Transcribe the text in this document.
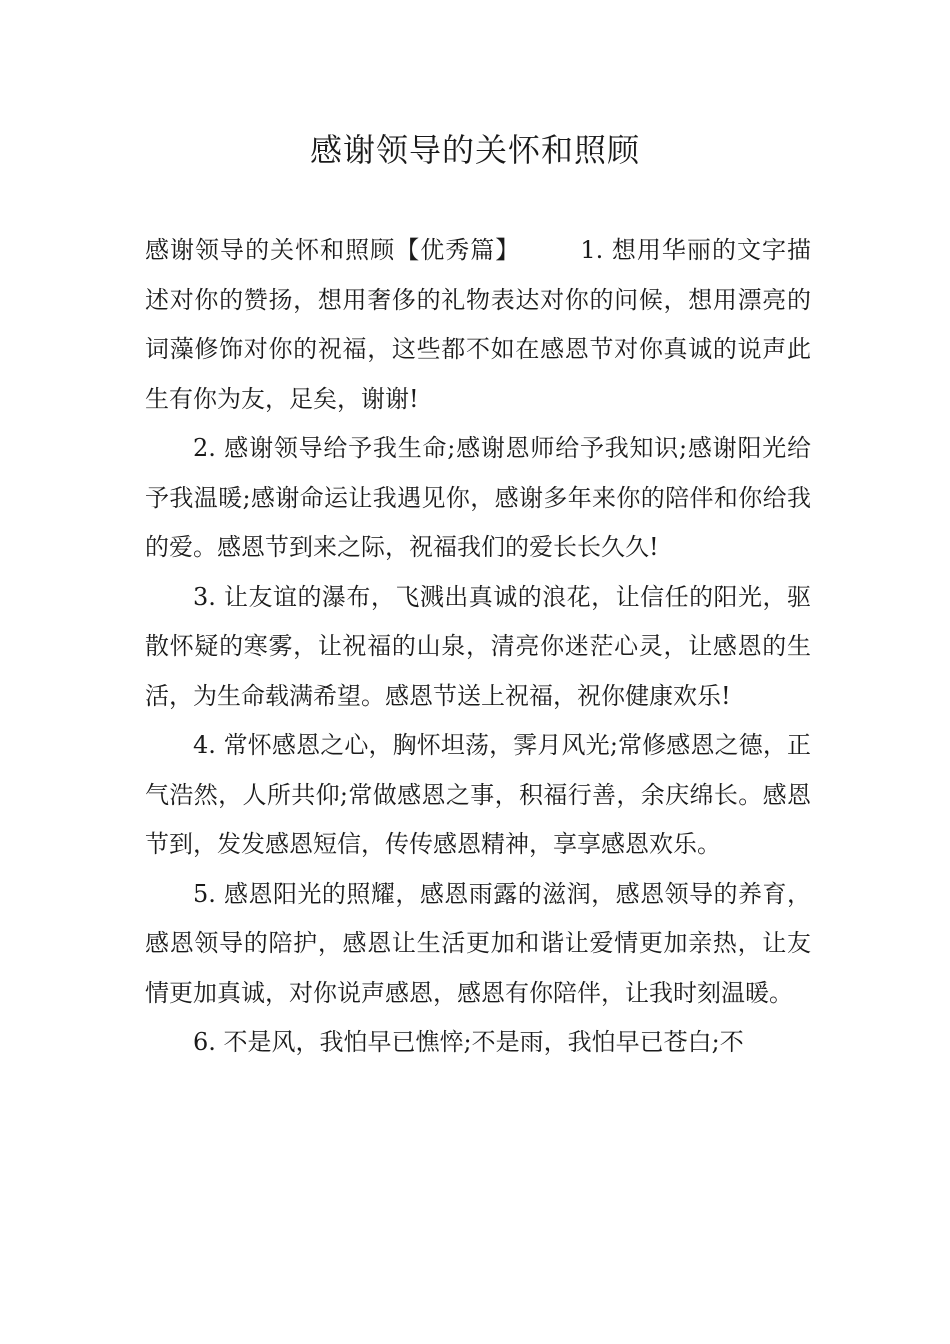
感谢领导的关怀和照顾

感谢领导的关怀和照顾【优秀篇】	1. 想用华丽的文字描述对你的赞扬，想用奢侈的礼物表达对你的问候，想用漂亮的词藻修饰对你的祝福，这些都不如在感恩节对你真诚的说声此生有你为友，足矣，谢谢!

2. 感谢领导给予我生命;感谢恩师给予我知识;感谢阳光给予我温暖;感谢命运让我遇见你，感谢多年来你的陪伴和你给我的爱。感恩节到来之际，祝福我们的爱长长久久!

3. 让友谊的瀑布，飞溅出真诚的浪花，让信任的阳光，驱散怀疑的寒雾，让祝福的山泉，清亮你迷茫心灵，让感恩的生活，为生命载满希望。感恩节送上祝福，祝你健康欢乐!

4. 常怀感恩之心，胸怀坦荡，霁月风光;常修感恩之德，正气浩然，人所共仰;常做感恩之事，积福行善，余庆绵长。感恩节到，发发感恩短信，传传感恩精神，享享感恩欢乐。

5. 感恩阳光的照耀，感恩雨露的滋润，感恩领导的养育，感恩领导的陪护，感恩让生活更加和谐让爱情更加亲热，让友情更加真诚，对你说声感恩，感恩有你陪伴，让我时刻温暖。

6. 不是风，我怕早已憔悴;不是雨，我怕早已苍白;不
